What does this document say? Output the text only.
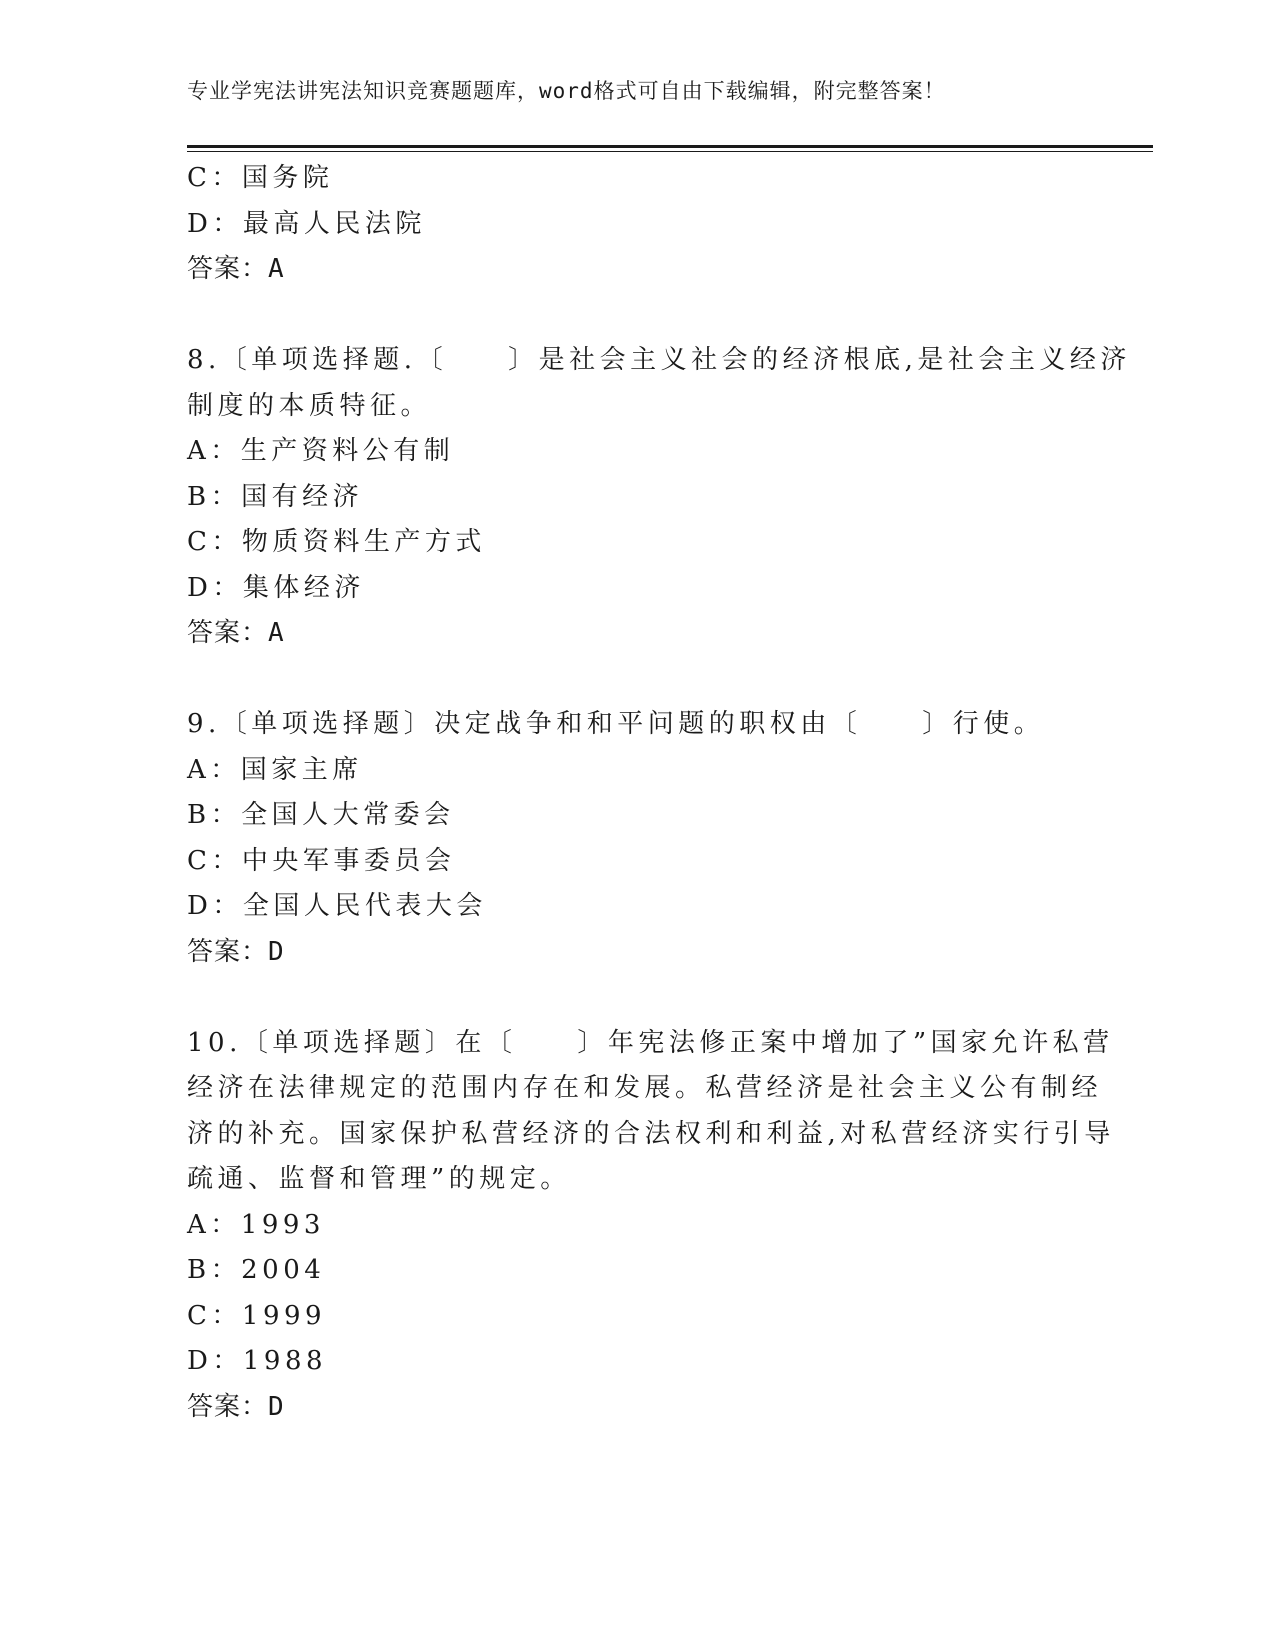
专业学宪法讲宪法知识竞赛题题库，word格式可自由下载编辑，附完整答案！
C：国务院
D：最高人民法院
答案：A
8.〔单项选择题.〔　　〕是社会主义社会的经济根底,是社会主义经济
制度的本质特征。
A：生产资料公有制
B：国有经济
C：物质资料生产方式
D：集体经济
答案：A
9.〔单项选择题〕决定战争和和平问题的职权由〔　　〕行使。
A：国家主席
B：全国人大常委会
C：中央军事委员会
D：全国人民代表大会
答案：D
10.〔单项选择题〕在〔　　〕年宪法修正案中增加了”国家允许私营
经济在法律规定的范围内存在和发展。私营经济是社会主义公有制经
济的补充。国家保护私营经济的合法权利和利益,对私营经济实行引导
疏通、监督和管理”的规定。
A：1993
B：2004
C：1999
D：1988
答案：D
